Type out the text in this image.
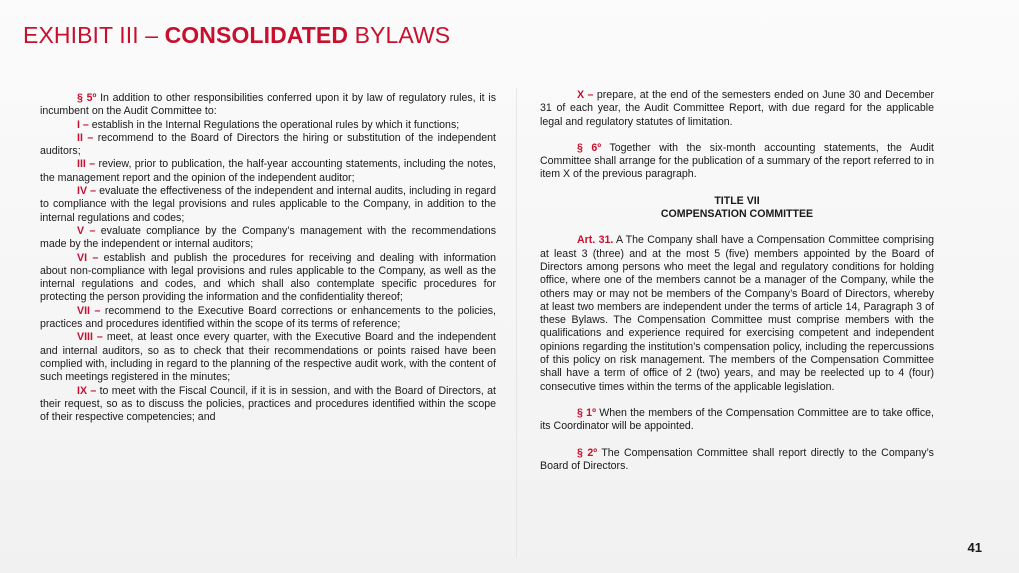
EXHIBIT III – CONSOLIDATED BYLAWS

§ 5º In addition to other responsibilities conferred upon it by law of regulatory rules, it is incumbent on the Audit Committee to:

I – establish in the Internal Regulations the operational rules by which it functions;

II – recommend to the Board of Directors the hiring or substitution of the independent auditors;

III – review, prior to publication, the half-year accounting statements, including the notes, the management report and the opinion of the independent auditor;

IV – evaluate the effectiveness of the independent and internal audits, including in regard to compliance with the legal provisions and rules applicable to the Company, in addition to the internal regulations and codes;

V – evaluate compliance by the Company’s management with the recommendations made by the independent or internal auditors;

VI – establish and publish the procedures for receiving and dealing with information about non-compliance with legal provisions and rules applicable to the Company, as well as the internal regulations and codes, and which shall also contemplate specific procedures for protecting the person providing the information and the confidentiality thereof;

VII – recommend to the Executive Board corrections or enhancements to the policies, practices and procedures identified within the scope of its terms of reference;

VIII – meet, at least once every quarter, with the Executive Board and the independent and internal auditors, so as to check that their recommendations or points raised have been complied with, including in regard to the planning of the respective audit work, with the content of such meetings registered in the minutes;

IX – to meet with the Fiscal Council, if it is in session, and with the Board of Directors, at their request, so as to discuss the policies, practices and procedures identified within the scope of their respective competencies; and

X – prepare, at the end of the semesters ended on June 30 and December 31 of each year, the Audit Committee Report, with due regard for the applicable legal and regulatory statutes of limitation.

§ 6º Together with the six-month accounting statements, the Audit Committee shall arrange for the publication of a summary of the report referred to in item X of the previous paragraph.

TITLE VII

COMPENSATION COMMITTEE

Art. 31. A The Company shall have a Compensation Committee comprising at least 3 (three) and at the most 5 (five) members appointed by the Board of Directors among persons who meet the legal and regulatory conditions for holding office, where one of the members cannot be a manager of the Company, while the others may or may not be members of the Company’s Board of Directors, whereby at least two members are independent under the terms of article 14, Paragraph 3 of these Bylaws. The Compensation Committee must comprise members with the qualifications and experience required for exercising competent and independent opinions regarding the institution’s compensation policy, including the repercussions of this policy on risk management. The members of the Compensation Committee shall have a term of office of 2 (two) years, and may be reelected up to 4 (four) consecutive times within the terms of the applicable legislation.

§ 1º When the members of the Compensation Committee are to take office, its Coordinator will be appointed.

§ 2º The Compensation Committee shall report directly to the Company’s Board of Directors.

41
